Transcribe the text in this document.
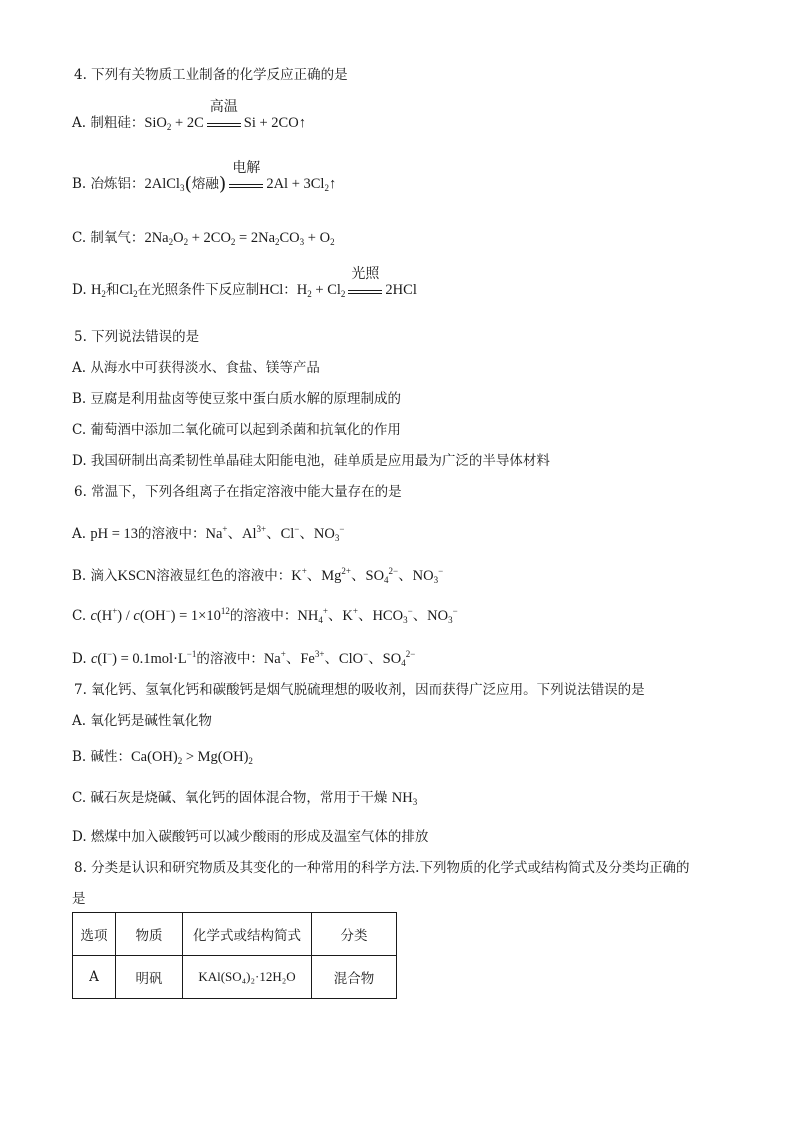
4. 下列有关物质工业制备的化学反应正确的是
A. 制粗硅：SiO$_2$ + 2C
高温
Si + 2CO↑
B. 冶炼铝：2AlCl$_3$(熔融)
电解
$2Al + 3Cl_2↑$
C. 制氧气：$2Na_2O_2 + 2CO_2 = 2Na_2CO_3 + O_2$
D. $H_2$和$Cl_2$在光照条件下反应制HCl：$H_2 + Cl_2$
光照
2HCl
5. 下列说法错误的是
A. 从海水中可获得淡水、食盐、镁等产品
B. 豆腐是利用盐卤等使豆浆中蛋白质水解的原理制成的
C. 葡萄酒中添加二氧化硫可以起到杀菌和抗氧化的作用
D. 我国研制出高柔韧性单晶硅太阳能电池，硅单质是应用最为广泛的半导体材料
6. 常温下，下列各组离子在指定溶液中能大量存在的是
A. pH = 13的溶液中：Na+、$Al^{3+}$、Cl−、$NO_3^-$
B. 滴入KSCN溶液显红色的溶液中：K+、$Mg^{2+}$、$SO_4^{2-}$、$NO_3^-$
C. $c(H^+) / c(OH^-) = 1\times 10^{12}$的溶液中：$NH_4^+$、K+、$HCO_3^-$、$NO_3^-$
D. $c(I^-) = 0.1mol\cdot L^{-1}$的溶液中：Na+、$Fe^{3+}$、ClO−、$SO_4^{2-}$
7. 氧化钙、氢氧化钙和碳酸钙是烟气脱硫理想的吸收剂，因而获得广泛应用。下列说法错误的是
A. 氧化钙是碱性氧化物
B. 碱性：$Ca(OH)_2 > Mg(OH)_2$
C. 碱石灰是烧碱、氧化钙的固体混合物，常用于干燥 $NH_3$
D. 燃煤中加入碳酸钙可以减少酸雨的形成及温室气体的排放
8. 分类是认识和研究物质及其变化的一种常用的科学方法.下列物质的化学式或结构简式及分类均正确的
是
选项	物质	化学式或结构简式	分类
A	明矾	KAl(SO₄)₂·12H₂O	混合物
